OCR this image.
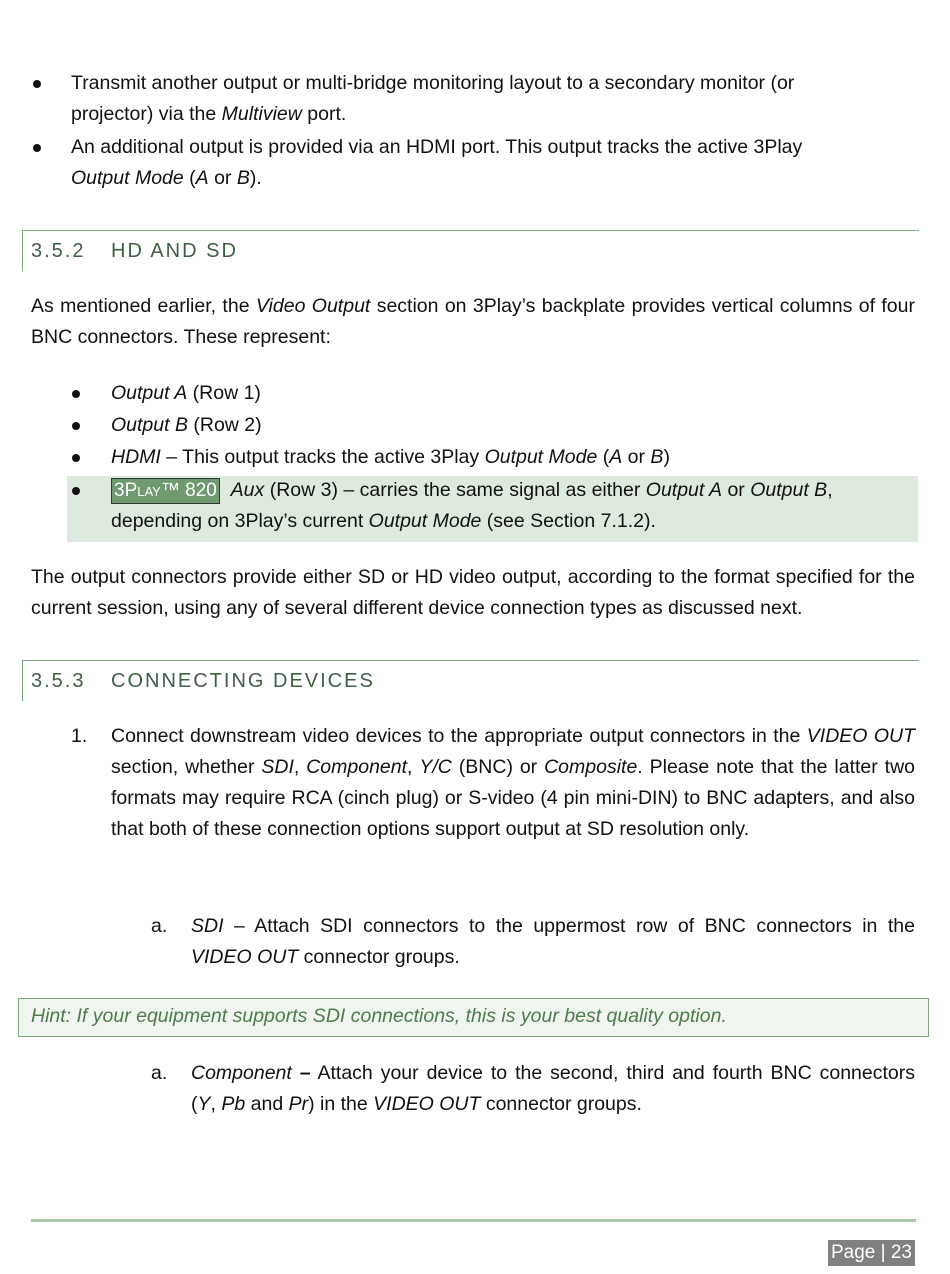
Transmit another output or multi-bridge monitoring layout to a secondary monitor (or
projector) via the Multiview port.
An additional output is provided via an HDMI port. This output tracks the active 3Play
Output Mode (A or B).
3.5.2 HD AND SD
As mentioned earlier, the Video Output section on 3Play’s backplate provides vertical columns of four BNC connectors. These represent:
Output A (Row 1)
Output B (Row 2)
HDMI – This output tracks the active 3Play Output Mode (A or B)
3Play™ 820 Aux (Row 3) – carries the same signal as either Output A or Output B, depending on 3Play’s current Output Mode (see Section 7.1.2).
The output connectors provide either SD or HD video output, according to the format specified for the current session, using any of several different device connection types as discussed next.
3.5.3 CONNECTING DEVICES
1. Connect downstream video devices to the appropriate output connectors in the VIDEO OUT section, whether SDI, Component, Y/C (BNC) or Composite. Please note that the latter two formats may require RCA (cinch plug) or S-video (4 pin mini-DIN) to BNC adapters, and also that both of these connection options support output at SD resolution only.
a. SDI – Attach SDI connectors to the uppermost row of BNC connectors in the VIDEO OUT connector groups.
Hint: If your equipment supports SDI connections, this is your best quality option.
a. Component – Attach your device to the second, third and fourth BNC connectors (Y, Pb and Pr) in the VIDEO OUT connector groups.
Page | 23
